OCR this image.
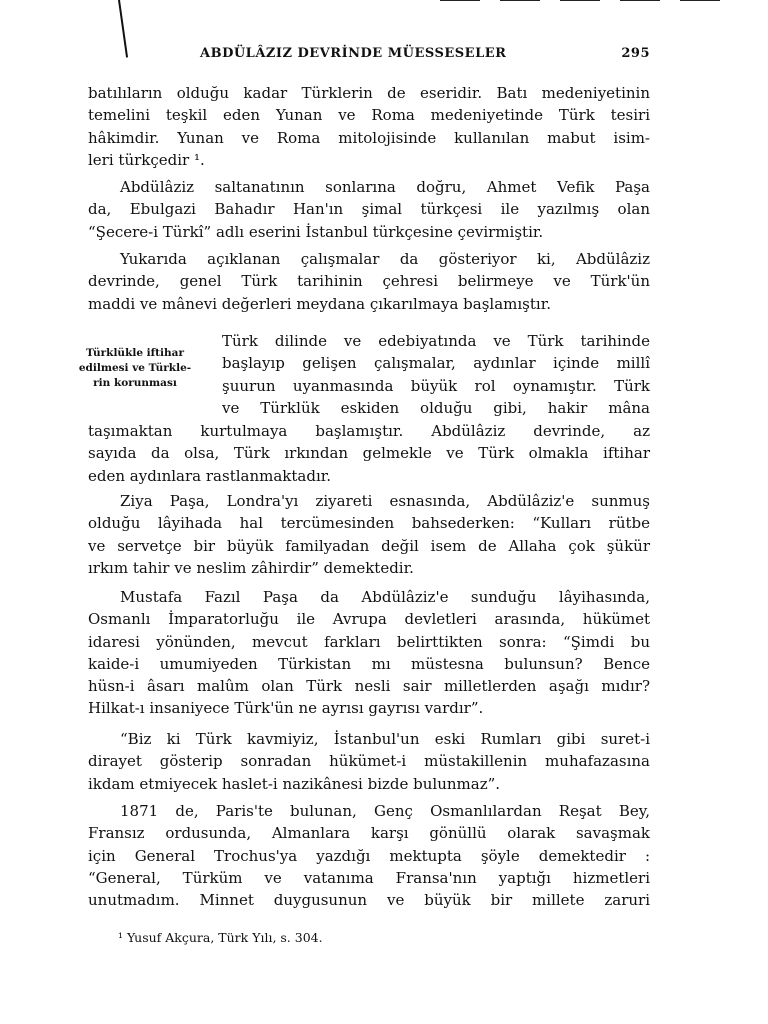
ABDÜLÂZIZ DEVRİNDE MÜESSESELER	295
batılıların olduğu kadar Türklerin de eseridir. Batı medeniyetinin
temelini teşkil eden Yunan ve Roma medeniyetinde Türk tesiri
hâkimdir. Yunan ve Roma mitolojisinde kullanılan mabut isim-
leri türkçedir ¹.
Abdülâziz saltanatının sonlarına doğru, Ahmet Vefik Paşa
da, Ebulgazi Bahadır Han'ın şimal türkçesi ile yazılmış olan
“Şecere-i Türkî” adlı eserini İstanbul türkçesine çevirmiştir.
Yukarıda açıklanan çalışmalar da gösteriyor ki, Abdülâziz
devrinde, genel Türk tarihinin çehresi belirmeye ve Türk'ün
maddi ve mânevi değerleri meydana çıkarılmaya başlamıştır.
Türklükle iftihar
edilmesi ve Türkle-
rin korunması
Türk dilinde ve edebiyatında ve Türk tarihinde
başlayıp gelişen çalışmalar, aydınlar içinde millî
şuurun uyanmasında büyük rol oynamıştır. Türk
ve Türklük eskiden olduğu gibi, hakir mâna
taşımaktan kurtulmaya başlamıştır. Abdülâziz devrinde, az
sayıda da olsa, Türk ırkından gelmekle ve Türk olmakla iftihar
eden aydınlara rastlanmaktadır.
Ziya Paşa, Londra'yı ziyareti esnasında, Abdülâziz'e sunmuş
olduğu lâyihada hal tercümesinden bahsederken: “Kulları rütbe
ve servetçe bir büyük familyadan değil isem de Allaha çok şükür
ırkım tahir ve neslim zâhirdir” demektedir.
Mustafa Fazıl Paşa da Abdülâziz'e sunduğu lâyihasında,
Osmanlı İmparatorluğu ile Avrupa devletleri arasında, hükümet
idaresi yönünden, mevcut farkları belirttikten sonra: “Şimdi bu
kaide-i umumiyeden Türkistan mı müstesna bulunsun? Bence
hüsn-i âsarı malûm olan Türk nesli sair milletlerden aşağı mıdır?
Hilkat-ı insaniyece Türk'ün ne ayrısı gayrısı vardır”.
“Biz ki Türk kavmiyiz, İstanbul'un eski Rumları gibi suret-i
dirayet gösterip sonradan hükümet-i müstakillenin muhafazasına
ikdam etmiyecek haslet-i nazikânesi bizde bulunmaz”.
1871 de, Paris'te bulunan, Genç Osmanlılardan Reşat Bey,
Fransız ordusunda, Almanlara karşı gönüllü olarak savaşmak
için General Trochus'ya yazdığı mektupta şöyle demektedir :
“General, Türküm ve vatanıma Fransa'nın yaptığı hizmetleri
unutmadım. Minnet duygusunun ve büyük bir millete zaruri
¹ Yusuf Akçura, Türk Yılı, s. 304.
